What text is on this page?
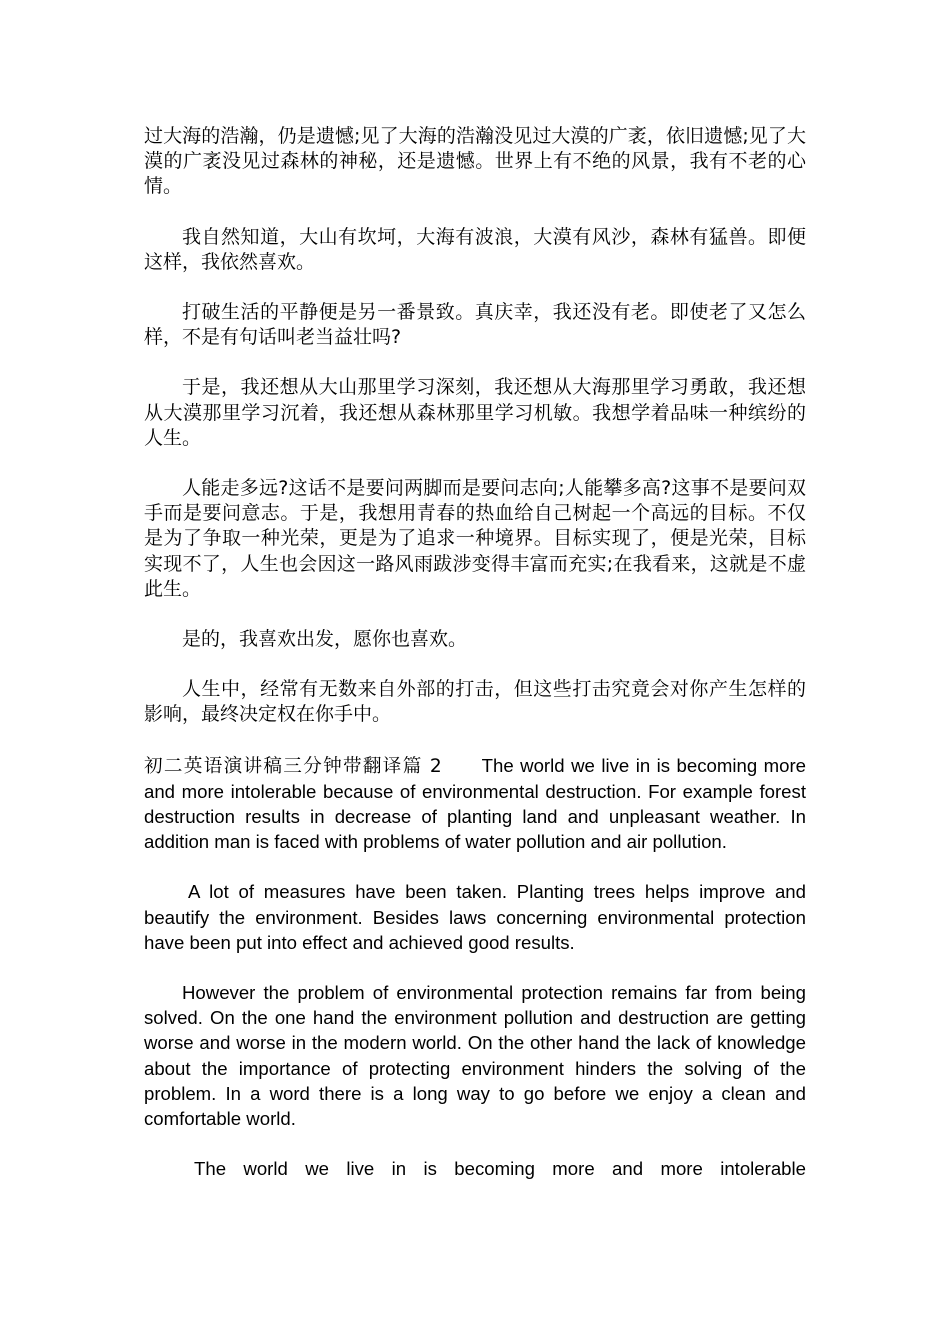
过大海的浩瀚，仍是遗憾;见了大海的浩瀚没见过大漠的广袤，依旧遗憾;见了大漠的广袤没见过森林的神秘，还是遗憾。世界上有不绝的风景，我有不老的心情。

我自然知道，大山有坎坷，大海有波浪，大漠有风沙，森林有猛兽。即便这样，我依然喜欢。

打破生活的平静便是另一番景致。真庆幸，我还没有老。即使老了又怎么样，不是有句话叫老当益壮吗?

于是，我还想从大山那里学习深刻，我还想从大海那里学习勇敢，我还想从大漠那里学习沉着，我还想从森林那里学习机敏。我想学着品味一种缤纷的人生。

人能走多远?这话不是要问两脚而是要问志向;人能攀多高?这事不是要问双手而是要问意志。于是，我想用青春的热血给自己树起一个高远的目标。不仅是为了争取一种光荣，更是为了追求一种境界。目标实现了，便是光荣，目标实现不了，人生也会因这一路风雨跋涉变得丰富而充实;在我看来，这就是不虚此生。

是的，我喜欢出发，愿你也喜欢。

人生中，经常有无数来自外部的打击，但这些打击究竟会对你产生怎样的影响，最终决定权在你手中。

初二英语演讲稿三分钟带翻译篇 2 The world we live in is becoming more and more intolerable because of environmental destruction. For example forest destruction results in decrease of planting land and unpleasant weather. In addition man is faced with problems of water pollution and air pollution.

A lot of measures have been taken. Planting trees helps improve and beautify the environment. Besides laws concerning environmental protection have been put into effect and achieved good results.

However the problem of environmental protection remains far from being solved. On the one hand the environment pollution and destruction are getting worse and worse in the modern world. On the other hand the lack of knowledge about the importance of protecting environment hinders the solving of the problem. In a word there is a long way to go before we enjoy a clean and comfortable world.

The world we live in is becoming more and more intolerable
